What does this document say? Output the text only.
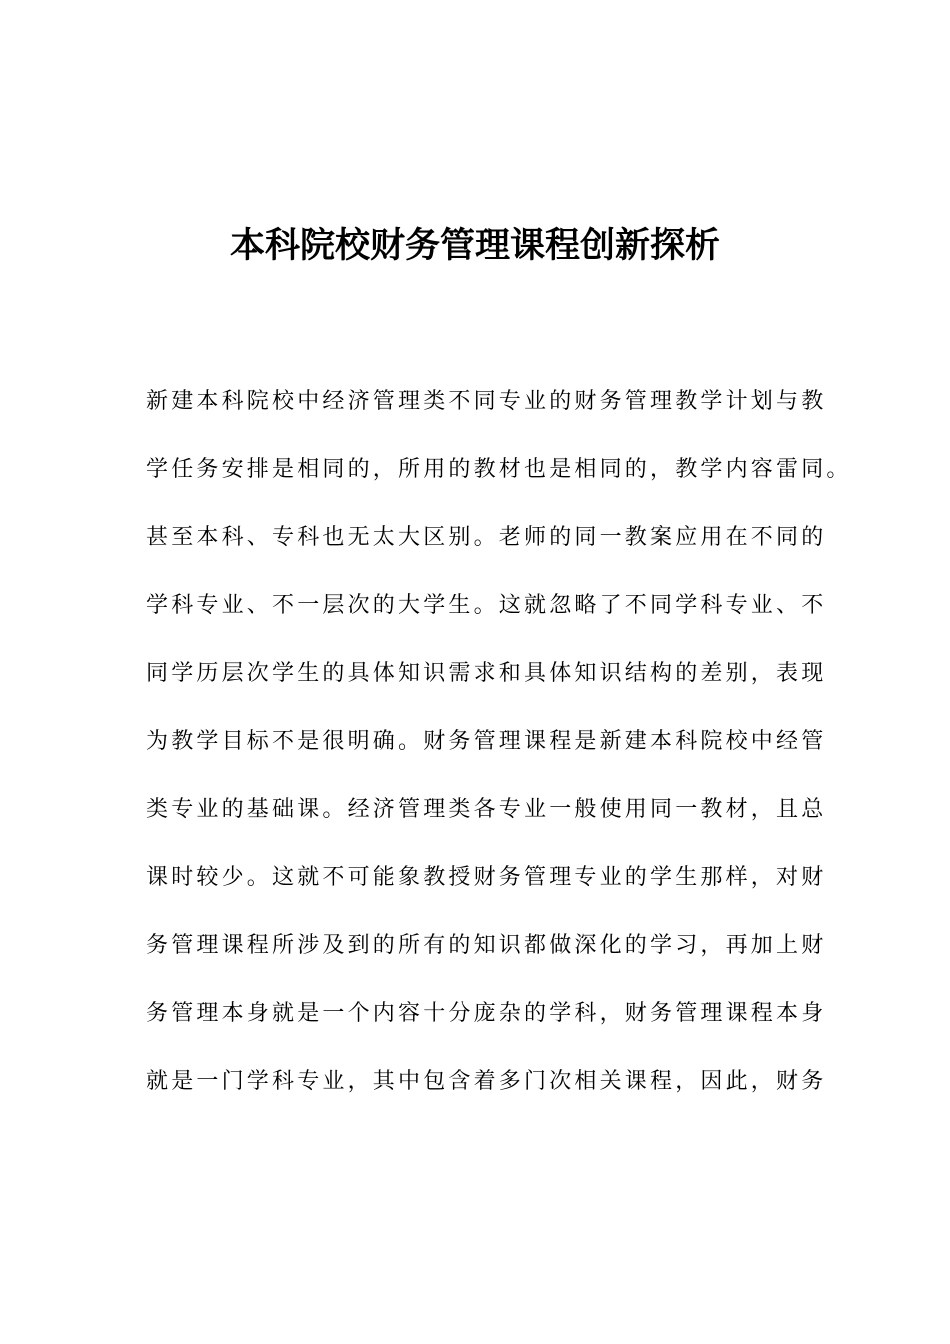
本科院校财务管理课程创新探析
新建本科院校中经济管理类不同专业的财务管理教学计划与教
学任务安排是相同的，所用的教材也是相同的，教学内容雷同。
甚至本科、专科也无太大区别。老师的同一教案应用在不同的
学科专业、不一层次的大学生。这就忽略了不同学科专业、不
同学历层次学生的具体知识需求和具体知识结构的差别，表现
为教学目标不是很明确。财务管理课程是新建本科院校中经管
类专业的基础课。经济管理类各专业一般使用同一教材，且总
课时较少。这就不可能象教授财务管理专业的学生那样，对财
务管理课程所涉及到的所有的知识都做深化的学习，再加上财
务管理本身就是一个内容十分庞杂的学科，财务管理课程本身
就是一门学科专业，其中包含着多门次相关课程，因此，财务
